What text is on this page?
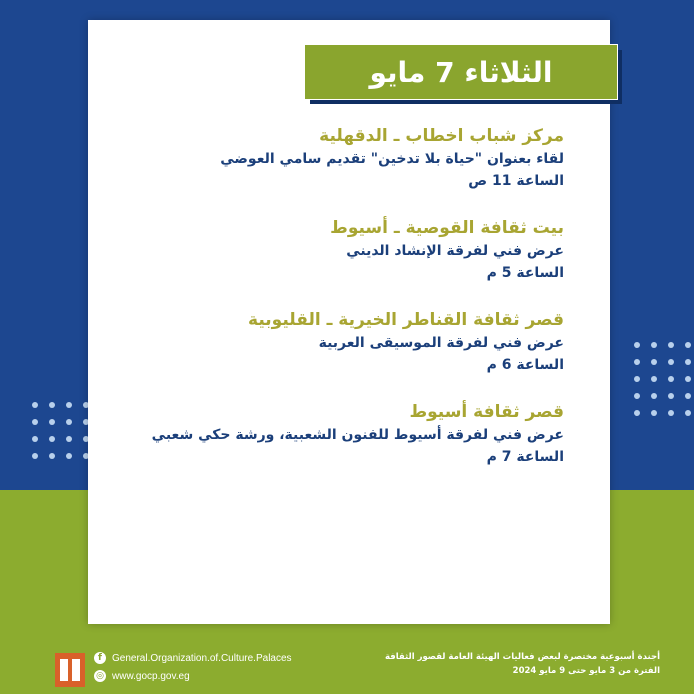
الثلاثاء 7 مايو
مركز شباب اخطاب ـ الدقهلية
لقاء بعنوان "حياة بلا تدخين" تقديم سامي العوضي
الساعة 11 ص
بيت ثقافة القوصية ـ أسيوط
عرض فني لفرقة الإنشاد الديني
الساعة 5 م
قصر ثقافة القناطر الخيرية ـ القليوبية
عرض فني لفرقة الموسيقى العربية
الساعة 6 م
قصر ثقافة أسيوط
عرض فني لفرقة أسيوط للفنون الشعبية، ورشة حكي شعبي
الساعة 7 م
f	General.Organization.of.Culture.Palaces
◎ www.gocp.gov.eg
أجندة أسبوعية مختصرة لبعض فعاليات الهيئة العامة لقصور الثقافة
الفترة من 3 مايو حتى 9 مايو 2024
